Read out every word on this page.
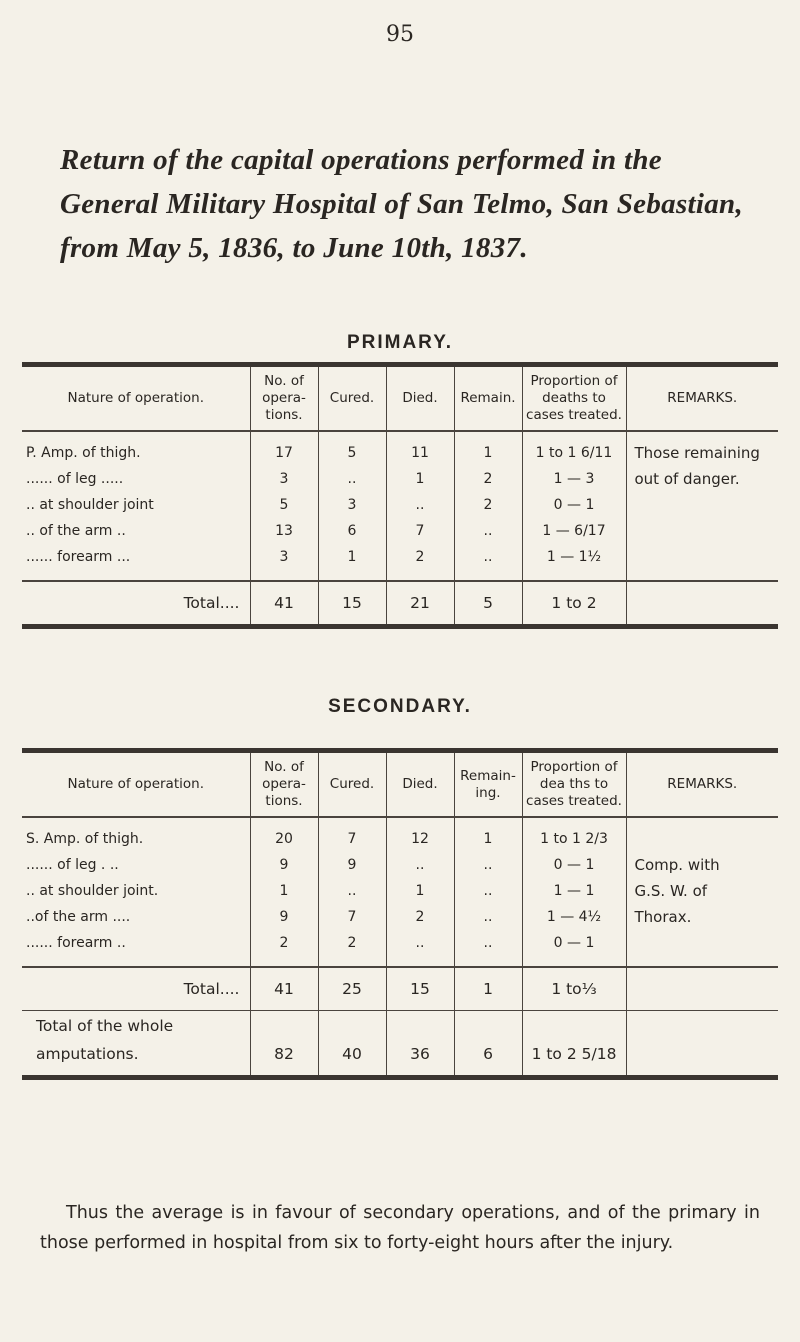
95
Return of the capital operations performed in the General Military Hospital of San Telmo, San Sebastian, from May 5, 1836, to June 10th, 1837.
PRIMARY.
Nature of operation.	No. of opera-tions.	Cured.	Died.	Remain.	Proportion of deaths to cases treated.	REMARKS.
P. Amp. of thigh.	17	5	11	1	1 to 1 6/11	Those remaining
...... of leg .....	3	..	1	2	1 — 3	out of danger.
.. at shoulder joint	5	3	..	2	0 — 1	
.. of the arm ..	13	6	7	..	1 — 6/17	
...... forearm ...	3	1	2	..	1 — 1½	

Total....	41	15	21	5	1 to 2	
SECONDARY.
Nature of operation.	No. of opera-tions.	Cured.	Died.	Remain-ing.	Proportion of dea ths to cases treated.	REMARKS.
S. Amp. of thigh.	20	7	12	1	1 to 1 2/3	
...... of leg . ..	9	9	..	..	0 — 1	Comp. with
.. at shoulder joint.	1	..	1	..	1 — 1	G.S. W. of
..of the arm ....	9	7	2	..	1 — 4½	Thorax.
...... forearm ..	2	2	..	..	0 — 1	

Total....	41	25	15	1	1 to⅓	
Total of the whole						
amputations.	82	40	36	6	1 to 2 5/18	

Thus the average is in favour of secondary operations, and of the primary in those performed in hospital from six to forty-eight hours after the injury.
